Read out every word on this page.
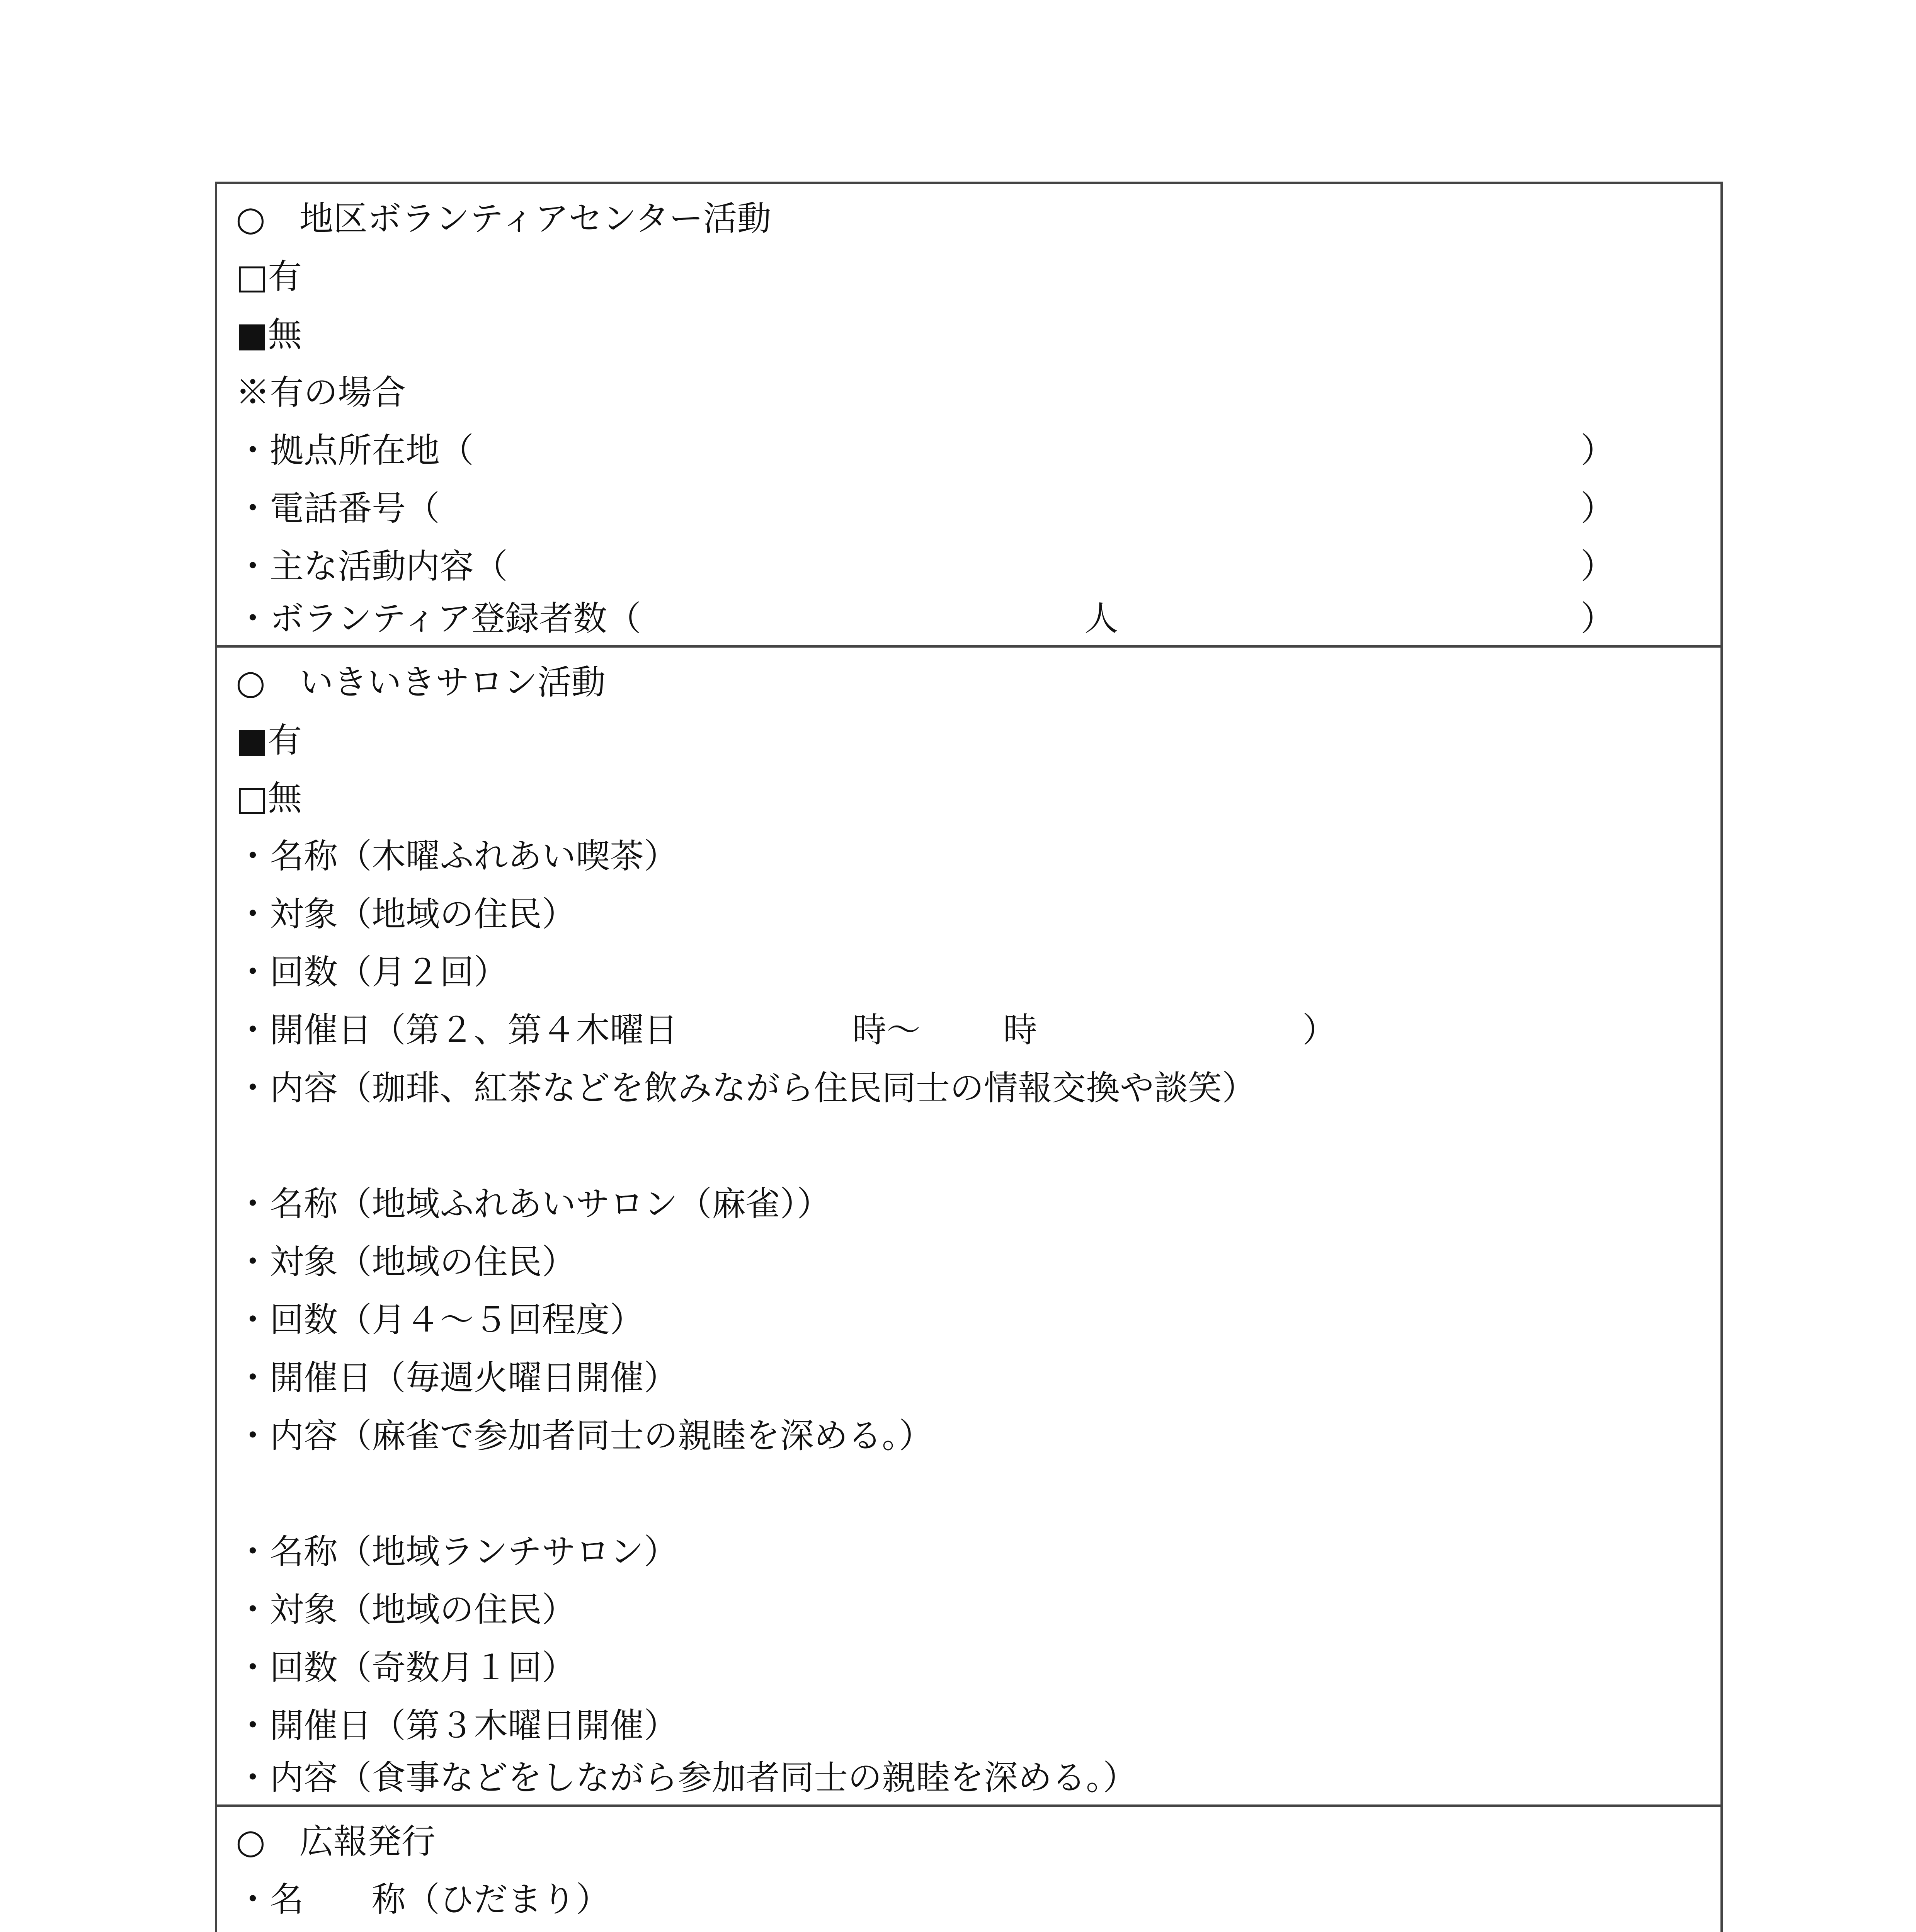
○　地区ボランティアセンター活動
□有
■無
※有の場合
・拠点所在地（	）
・電話番号（	）
・主な活動内容（	）
・ボランティア登録者数（	人	）
○　いきいきサロン活動
■有
□無
・名称（木曜ふれあい喫茶）
・対象（地域の住民）
・回数（月２回）
・開催日（第２、第４木曜日	時～ 時	）
・内容（珈琲、紅茶などを飲みながら住民同士の情報交換や談笑）
・名称（地域ふれあいサロン（麻雀））
・対象（地域の住民）
・回数（月４～５回程度）
・開催日（毎週火曜日開催）
・内容（麻雀で参加者同士の親睦を深める。）
・名称（地域ランチサロン）
・対象（地域の住民）
・回数（奇数月１回）
・開催日（第３木曜日開催）
・内容（食事などをしながら参加者同士の親睦を深める。）
○　広報発行
・名　　称（ひだまり）
